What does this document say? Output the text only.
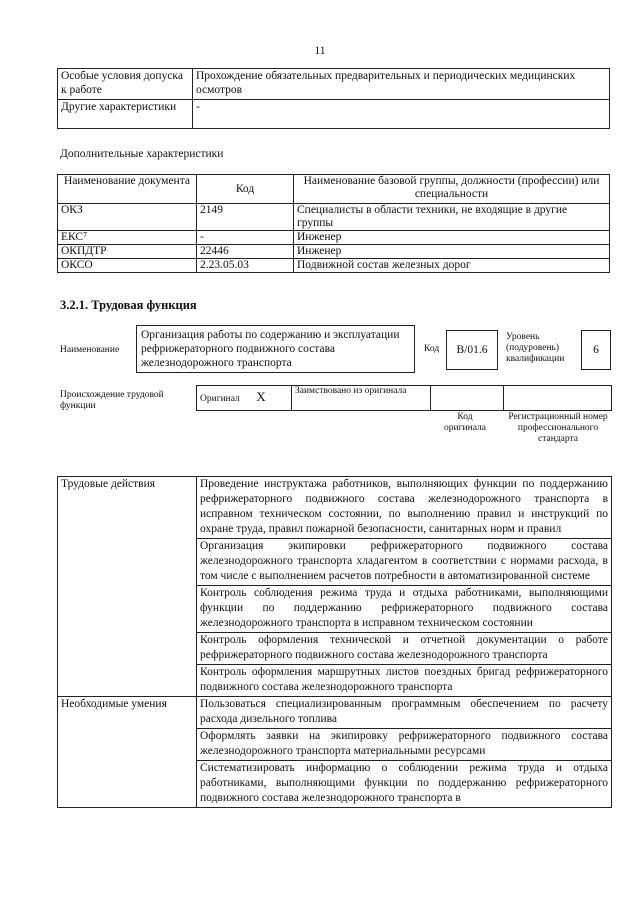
11
Особые условия допуска к работе	Прохождение обязательных предварительных и периодических медицинских осмотров
Другие характеристики	-
Дополнительные характеристики
Наименование документа	Код	Наименование базовой группы, должности (профессии) или специальности
ОКЗ	2149	Специалисты в области техники, не входящие в другие группы
ЕКС⁷	-	Инженер
ОКПДТР	22446	Инженер
ОКСО	2.23.05.03	Подвижной состав железных дорог
3.2.1. Трудовая функция
Наименование
Организация работы по содержанию и эксплуатации рефрижераторного подвижного состава железнодорожного транспорта
Код	B/01.6
Уровень (подуровень) квалификации
6
Происхождение трудовой функции
Оригинал X	Заимствовано из оригинала		
Код оригинала
Регистрационный номер профессионального стандарта
Трудовые действия	Проведение инструктажа работников, выполняющих функции по поддержанию рефрижераторного подвижного состава железнодорожного транспорта в исправном техническом состоянии, по выполнению правил и инструкций по охране труда, правил пожарной безопасности, санитарных норм и правил
	Организация экипировки рефрижераторного подвижного состава железнодорожного транспорта хладагентом в соответствии с нормами расхода, в том числе с выполнением расчетов потребности в автоматизированной системе
	Контроль соблюдения режима труда и отдыха работниками, выполняющими функции по поддержанию рефрижераторного подвижного состава железнодорожного транспорта в исправном техническом состоянии
	Контроль оформления технической и отчетной документации о работе рефрижераторного подвижного состава железнодорожного транспорта
	Контроль оформления маршрутных листов поездных бригад рефрижераторного подвижного состава железнодорожного транспорта
Необходимые умения	Пользоваться специализированным программным обеспечением по расчету расхода дизельного топлива
	Оформлять заявки на экипировку рефрижераторного подвижного состава железнодорожного транспорта материальными ресурсами
	Систематизировать информацию о соблюдении режима труда и отдыха работниками, выполняющими функции по поддержанию рефрижераторного подвижного состава железнодорожного транспорта в
